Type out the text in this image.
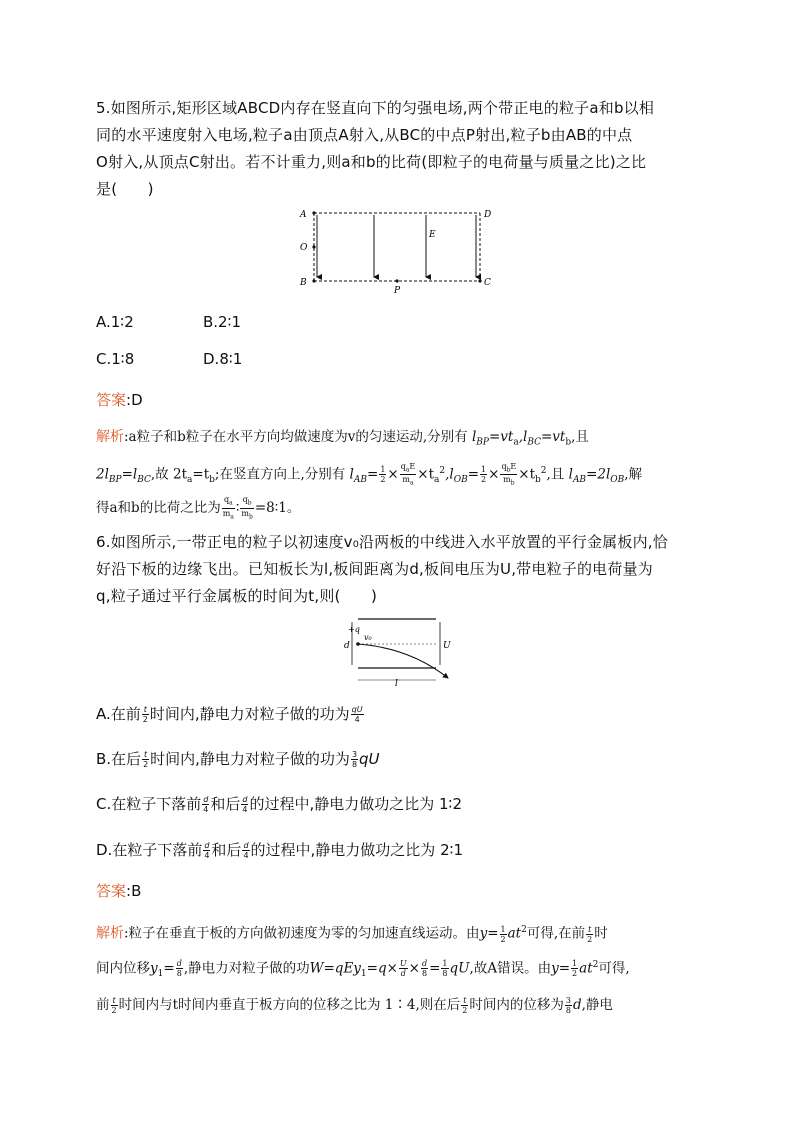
5.如图所示,矩形区域ABCD内存在竖直向下的匀强电场,两个带正电的粒子a和b以相

同的水平速度射入电场,粒子a由顶点A射入,从BC的中点P射出,粒子b由AB的中点

O射入,从顶点C射出。若不计重力,则a和b的比荷(即粒子的电荷量与质量之比)之比

是(　　)

A
O
B
D
C
P
E
A.1∶2	B.2∶1
C.1∶8	D.8∶1
答案:D
解析:a粒子和b粒子在水平方向均做速度为v的匀速运动,分别有 $l_{BP}=vt_a,l_{BC}=vt_b$,且
$2l_{BP}=l_{BC}$,故 $2t_a=t_b$;在竖直方向上,分别有 $l_{AB}= \frac{1}{2} \times \frac{q_aE}{m_a} \times t_a^2,l_{OB}= \frac{1}{2} \times \frac{q_bE}{m_b} \times t_b^2$,且 $l_{AB}=2l_{OB}$,解
得a和b的比荷之比为 $\frac{q_a}{m_a}$ ∶ $\frac{q_b}{m_b}$ =8∶1。

6.如图所示,一带正电的粒子以初速度v₀沿两板的中线进入水平放置的平行金属板内,恰

好沿下板的边缘飞出。已知板长为l,板间距离为d,板间电压为U,带电粒子的电荷量为

q,粒子通过平行金属板的时间为t,则(　　)

+q
v₀
d	U
l
A.在前 $\frac{t}{2}$ 时间内,静电力对粒子做的功为 $\frac{qU}{4}$
B.在后 $\frac{t}{2}$ 时间内,静电力对粒子做的功为 $\frac{3}{8}$ qU
C.在粒子下落前 $\frac{d}{4}$ 和后 $\frac{d}{4}$ 的过程中,静电力做功之比为 1∶2
D.在粒子下落前 $\frac{d}{4}$ 和后 $\frac{d}{4}$ 的过程中,静电力做功之比为 2∶1
答案:B
解析:粒子在垂直于板的方向做初速度为零的匀加速直线运动。由$y= \frac{1}{2} at^2$可得,在前 $\frac{t}{2}$ 时
间内位移$y_1= \frac{d}{8}$ ,静电力对粒子做的功$W=qEy_1=q\times \frac{U}{d} \times \frac{d}{8} = \frac{1}{8}$ qU,故A错误。由$y= \frac{1}{2} at^2$可得,
前 $\frac{t}{2}$ 时间内与t时间内垂直于板方向的位移之比为 1∶4,则在后 $\frac{t}{2}$ 时间内的位移为 $\frac{3}{8} d$,静电
